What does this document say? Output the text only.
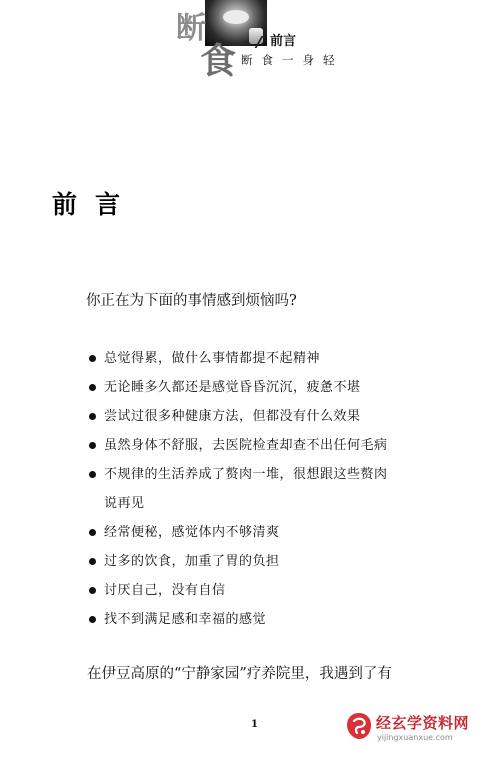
断
食	前言
断食一身轻
前言
你正在为下面的事情感到烦恼吗?
总觉得累，做什么事情都提不起精神
无论睡多久都还是感觉昏昏沉沉，疲惫不堪
尝试过很多种健康方法，但都没有什么效果
虽然身体不舒服，去医院检查却查不出任何毛病
不规律的生活养成了赘肉一堆，很想跟这些赘肉
说再见
经常便秘，感觉体内不够清爽
过多的饮食，加重了胃的负担
讨厌自己，没有自信
找不到满足感和幸福的感觉
在伊豆高原的“宁静家园”疗养院里，我遇到了有
1	经玄学资料网
yijingxuanxue.com
